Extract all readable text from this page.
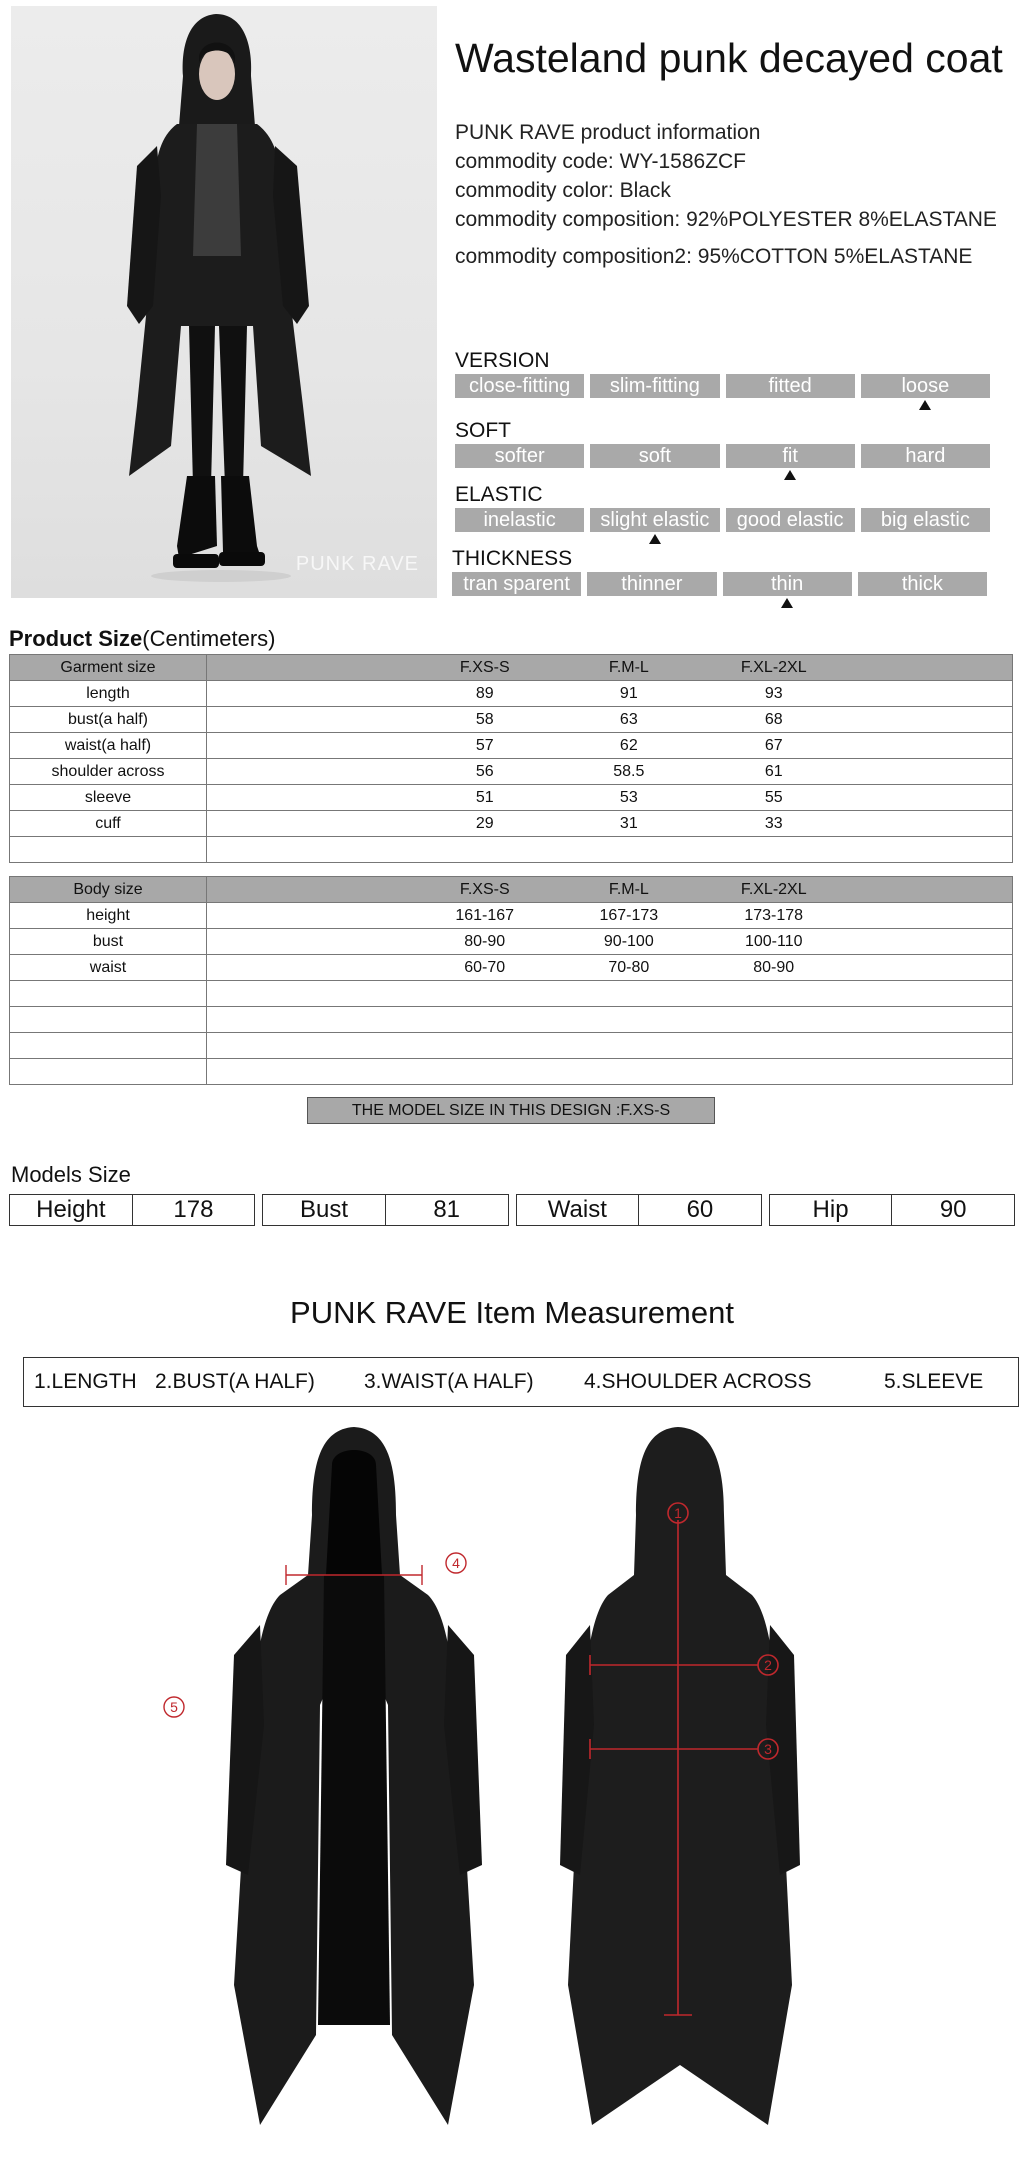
PUNK RAVE
Wasteland punk decayed coat
PUNK RAVE product information
commodity code: WY-1586ZCF
commodity color: Black
commodity composition: 92%POLYESTER 8%ELASTANE
commodity composition2: 95%COTTON 5%ELASTANE
VERSION
close-fitting	slim-fitting	fitted	loose
SOFT
softer	soft	fit	hard
ELASTIC
inelastic	slight elastic	good elastic	big elastic
THICKNESS
tran sparent	thinner	thin	thick
Product Size(Centimeters)
Garment size	F.XS-S F.M-L F.XL-2XL

length	89 91 93

bust(a half)	58 63 68

waist(a half)	57 62 67

shoulder across	56 58.5 61

sleeve	51 53 55

cuff	29 31 33

Body size	F.XS-S F.M-L F.XL-2XL

height	161-167 167-173 173-178

bust	80-90 90-100 100-110

waist	60-70 70-80 80-90

THE MODEL SIZE IN THIS DESIGN :F.XS-S
Models Size
Height	178	Bust	81	Waist	60	Hip	90
PUNK RAVE Item Measurement
1.LENGTH 2.BUST(A HALF) 3.WAIST(A HALF) 4.SHOULDER ACROSS	5.SLEEVE
5
4
1
2
3
